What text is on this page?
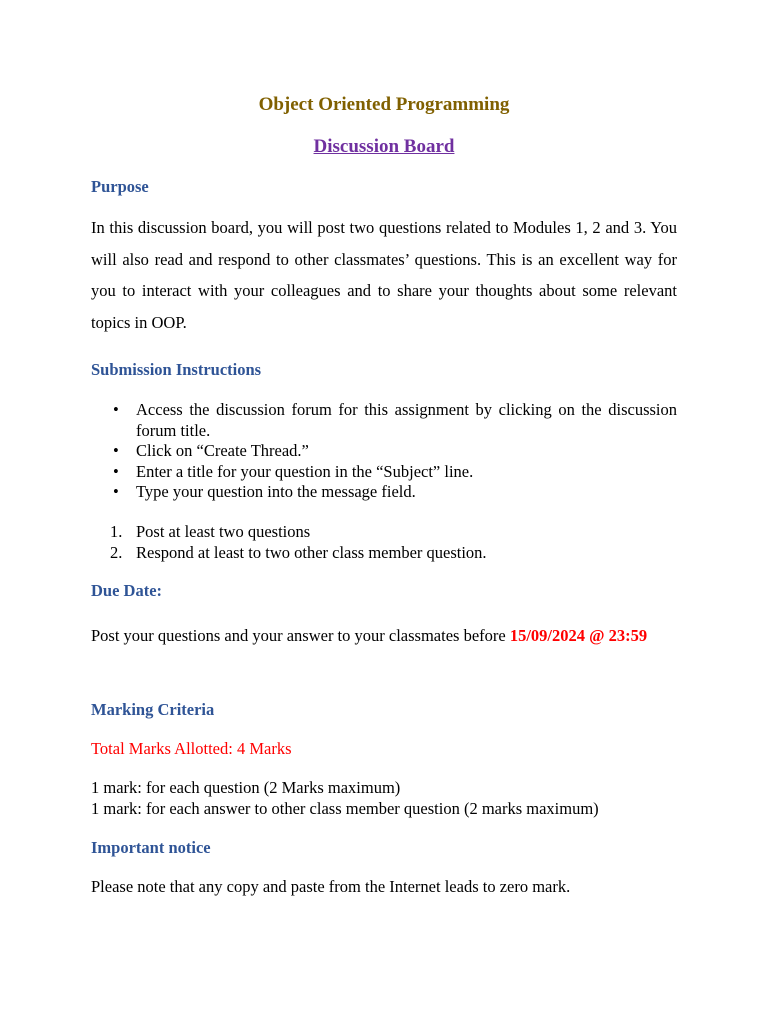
Object Oriented Programming
Discussion Board
Purpose

In this discussion board, you will post two questions related to Modules 1, 2 and 3. You will also read and respond to other classmates’ questions. This is an excellent way for you to interact with your colleagues and to share your thoughts about some relevant topics in OOP.

Submission Instructions
• Access the discussion forum for this assignment by clicking on the discussion forum title.
• Click on “Create Thread.”
• Enter a title for your question in the “Subject” line.
• Type your question into the message field.
1. Post at least two questions
2. Respond at least to two other class member question.
Due Date:

Post your questions and your answer to your classmates before 15/09/2024 @ 23:59

Marking Criteria

Total Marks Allotted: 4 Marks

1 mark: for each question (2 Marks maximum)

1 mark: for each answer to other class member question (2 marks maximum)

Important notice

Please note that any copy and paste from the Internet leads to zero mark.
